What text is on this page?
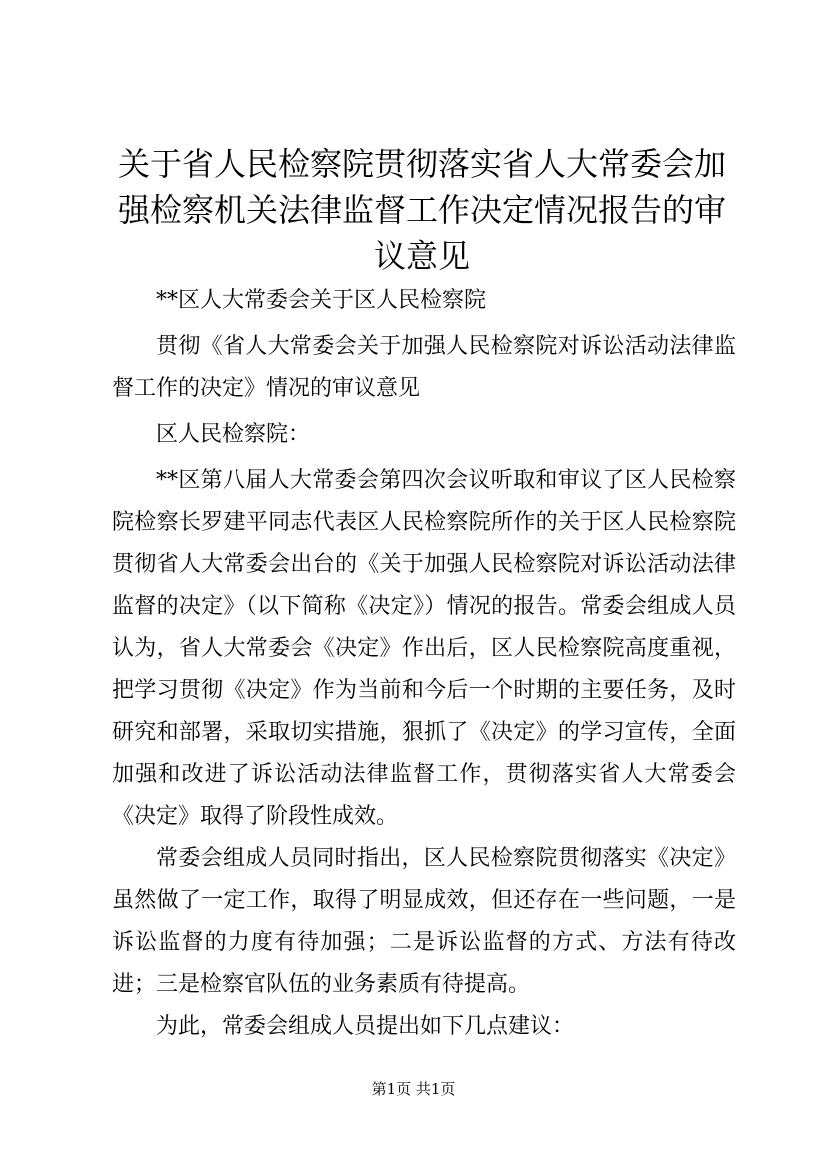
关于省人民检察院贯彻落实省人大常委会加强检察机关法律监督工作决定情况报告的审议意见

**区人大常委会关于区人民检察院

贯彻《省人大常委会关于加强人民检察院对诉讼活动法律监督工作的决定》情况的审议意见

区人民检察院：

**区第八届人大常委会第四次会议听取和审议了区人民检察院检察长罗建平同志代表区人民检察院所作的关于区人民检察院贯彻省人大常委会出台的《关于加强人民检察院对诉讼活动法律监督的决定》（以下简称《决定》）情况的报告。常委会组成人员认为，省人大常委会《决定》作出后，区人民检察院高度重视，把学习贯彻《决定》作为当前和今后一个时期的主要任务，及时研究和部署，采取切实措施，狠抓了《决定》的学习宣传，全面加强和改进了诉讼活动法律监督工作，贯彻落实省人大常委会《决定》取得了阶段性成效。

常委会组成人员同时指出，区人民检察院贯彻落实《决定》虽然做了一定工作，取得了明显成效，但还存在一些问题，一是诉讼监督的力度有待加强；二是诉讼监督的方式、方法有待改进；三是检察官队伍的业务素质有待提高。

为此，常委会组成人员提出如下几点建议：

第1页 共1页
